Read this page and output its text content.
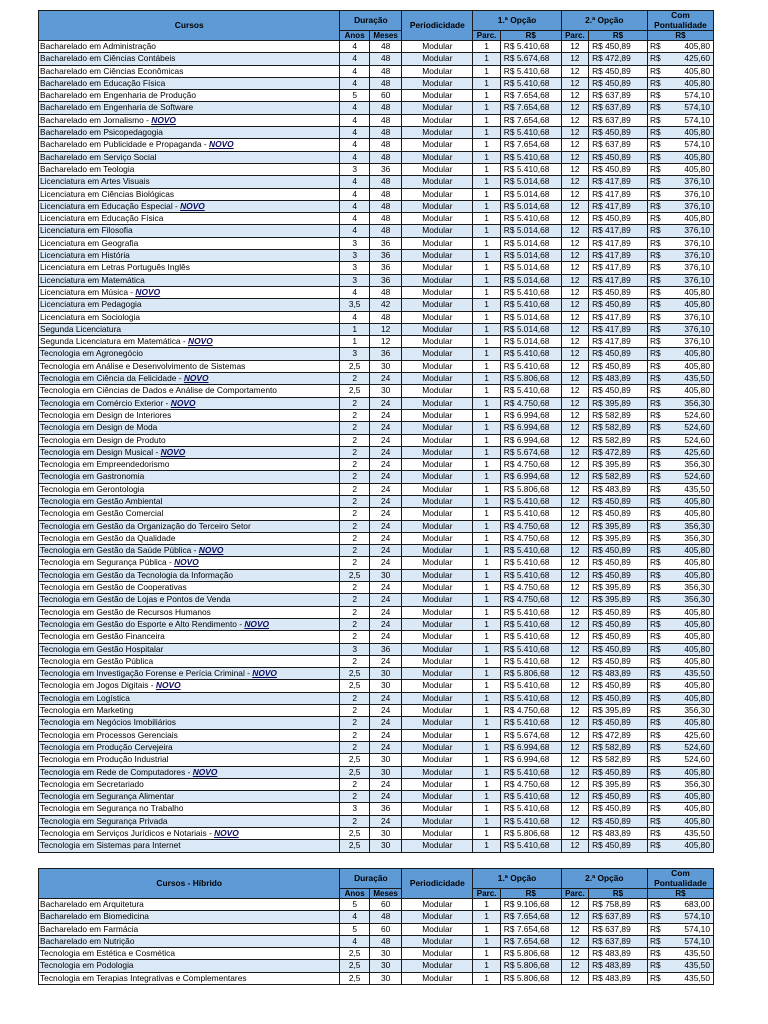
Cursos	Duração		Periodicidade	1.ª Opção		2.ª Opção		Com Pontualidade
	Anos	Meses		Parc.	R$	Parc.	R$	R$
Bacharelado em Administração	4	48	Modular	1	R$ 5.410,68	12	R$ 450,89	R$ 405,80

Bacharelado em Ciências Contábeis	4	48	Modular	1	R$ 5.674,68	12	R$ 472,89	R$ 425,60

Bacharelado em Ciências Econômicas	4	48	Modular	1	R$ 5.410,68	12	R$ 450,89	R$ 405,80

Bacharelado em Educação Física	4	48	Modular	1	R$ 5.410,68	12	R$ 450,89	R$ 405,80

Bacharelado em Engenharia de Produção	5	60	Modular	1	R$ 7.654,68	12	R$ 637,89	R$ 574,10

Bacharelado em Engenharia de Software	4	48	Modular	1	R$ 7.654,68	12	R$ 637,89	R$ 574,10

Bacharelado em Jornalismo - NOVO	4	48	Modular	1	R$ 7.654,68	12	R$ 637,89	R$ 574,10

Bacharelado em Psicopedagogia	4	48	Modular	1	R$ 5.410,68	12	R$ 450,89	R$ 405,80

Bacharelado em Publicidade e Propaganda - NOVO	4	48	Modular	1	R$ 7.654,68	12	R$ 637,89	R$ 574,10

Bacharelado em Serviço Social	4	48	Modular	1	R$ 5.410,68	12	R$ 450,89	R$ 405,80

Bacharelado em Teologia	3	36	Modular	1	R$ 5.410,68	12	R$ 450,89	R$ 405,80

Licenciatura em Artes Visuais	4	48	Modular	1	R$ 5.014,68	12	R$ 417,89	R$ 376,10

Licenciatura em Ciências Biológicas	4	48	Modular	1	R$ 5.014,68	12	R$ 417,89	R$ 376,10

Licenciatura em Educação Especial - NOVO	4	48	Modular	1	R$ 5.014,68	12	R$ 417,89	R$ 376,10

Licenciatura em Educação Física	4	48	Modular	1	R$ 5.410,68	12	R$ 450,89	R$ 405,80

Licenciatura em Filosofia	4	48	Modular	1	R$ 5.014,68	12	R$ 417,89	R$ 376,10

Licenciatura em Geografia	3	36	Modular	1	R$ 5.014,68	12	R$ 417,89	R$ 376,10

Licenciatura em História	3	36	Modular	1	R$ 5.014,68	12	R$ 417,89	R$ 376,10

Licenciatura em Letras Português Inglês	3	36	Modular	1	R$ 5.014,68	12	R$ 417,89	R$ 376,10

Licenciatura em Matemática	3	36	Modular	1	R$ 5.014,68	12	R$ 417,89	R$ 376,10

Licenciatura em Música - NOVO	4	48	Modular	1	R$ 5.410,68	12	R$ 450,89	R$ 405,80

Licenciatura em Pedagogia	3,5	42	Modular	1	R$ 5.410,68	12	R$ 450,89	R$ 405,80

Licenciatura em Sociologia	4	48	Modular	1	R$ 5.014,68	12	R$ 417,89	R$ 376,10

Segunda Licenciatura	1	12	Modular	1	R$ 5.014,68	12	R$ 417,89	R$ 376,10

Segunda Licenciatura em Matemática - NOVO	1	12	Modular	1	R$ 5.014,68	12	R$ 417,89	R$ 376,10

Tecnologia em Agronegócio	3	36	Modular	1	R$ 5.410,68	12	R$ 450,89	R$ 405,80

Tecnologia em Análise e Desenvolvimento de Sistemas	2,5	30	Modular	1	R$ 5.410,68	12	R$ 450,89	R$ 405,80

Tecnologia em Ciência da Felicidade - NOVO	2	24	Modular	1	R$ 5.806,68	12	R$ 483,89	R$ 435,50

Tecnologia em Ciências de Dados e Análise de Comportamento	2,5	30	Modular	1	R$ 5.410,68	12	R$ 450,89	R$ 405,80

Tecnologia em Comércio Exterior - NOVO	2	24	Modular	1	R$ 4.750,68	12	R$ 395,89	R$ 356,30

Tecnologia em Design de Interiores	2	24	Modular	1	R$ 6.994,68	12	R$ 582,89	R$ 524,60

Tecnologia em Design de Moda	2	24	Modular	1	R$ 6.994,68	12	R$ 582,89	R$ 524,60

Tecnologia em Design de Produto	2	24	Modular	1	R$ 6.994,68	12	R$ 582,89	R$ 524,60

Tecnologia em Design Musical - NOVO	2	24	Modular	1	R$ 5.674,68	12	R$ 472,89	R$ 425,60

Tecnologia em Empreendedorismo	2	24	Modular	1	R$ 4.750,68	12	R$ 395,89	R$ 356,30

Tecnologia em Gastronomia	2	24	Modular	1	R$ 6.994,68	12	R$ 582,89	R$ 524,60

Tecnologia em Gerontologia	2	24	Modular	1	R$ 5.806,68	12	R$ 483,89	R$ 435,50

Tecnologia em Gestão Ambiental	2	24	Modular	1	R$ 5.410,68	12	R$ 450,89	R$ 405,80

Tecnologia em Gestão Comercial	2	24	Modular	1	R$ 5.410,68	12	R$ 450,89	R$ 405,80

Tecnologia em Gestão da Organização do Terceiro Setor	2	24	Modular	1	R$ 4.750,68	12	R$ 395,89	R$ 356,30

Tecnologia em Gestão da Qualidade	2	24	Modular	1	R$ 4.750,68	12	R$ 395,89	R$ 356,30

Tecnologia em Gestão da Saúde Pública - NOVO	2	24	Modular	1	R$ 5.410,68	12	R$ 450,89	R$ 405,80

Tecnologia em Segurança Pública - NOVO	2	24	Modular	1	R$ 5.410,68	12	R$ 450,89	R$ 405,80

Tecnologia em Gestão da Tecnologia da Informação	2,5	30	Modular	1	R$ 5.410,68	12	R$ 450,89	R$ 405,80

Tecnologia em Gestão de Cooperativas	2	24	Modular	1	R$ 4.750,68	12	R$ 395,89	R$ 356,30

Tecnologia em Gestão de Lojas e Pontos de Venda	2	24	Modular	1	R$ 4.750,68	12	R$ 395,89	R$ 356,30

Tecnologia em Gestão de Recursos Humanos	2	24	Modular	1	R$ 5.410,68	12	R$ 450,89	R$ 405,80

Tecnologia em Gestão do Esporte e Alto Rendimento - NOVO	2	24	Modular	1	R$ 5.410,68	12	R$ 450,89	R$ 405,80

Tecnologia em Gestão Financeira	2	24	Modular	1	R$ 5.410,68	12	R$ 450,89	R$ 405,80

Tecnologia em Gestão Hospitalar	3	36	Modular	1	R$ 5.410,68	12	R$ 450,89	R$ 405,80

Tecnologia em Gestão Pública	2	24	Modular	1	R$ 5.410,68	12	R$ 450,89	R$ 405,80

Tecnologia em Investigação Forense e Perícia Criminal - NOVO	2,5	30	Modular	1	R$ 5.806,68	12	R$ 483,89	R$ 435,50

Tecnologia em Jogos Digitais - NOVO	2,5	30	Modular	1	R$ 5.410,68	12	R$ 450,89	R$ 405,80

Tecnologia em Logística	2	24	Modular	1	R$ 5.410,68	12	R$ 450,89	R$ 405,80

Tecnologia em Marketing	2	24	Modular	1	R$ 4.750,68	12	R$ 395,89	R$ 356,30

Tecnologia em Negócios Imobiliários	2	24	Modular	1	R$ 5.410,68	12	R$ 450,89	R$ 405,80

Tecnologia em Processos Gerenciais	2	24	Modular	1	R$ 5.674,68	12	R$ 472,89	R$ 425,60

Tecnologia em Produção Cervejeira	2	24	Modular	1	R$ 6.994,68	12	R$ 582,89	R$ 524,60

Tecnologia em Produção Industrial	2,5	30	Modular	1	R$ 6.994,68	12	R$ 582,89	R$ 524,60

Tecnologia em Rede de Computadores - NOVO	2,5	30	Modular	1	R$ 5.410,68	12	R$ 450,89	R$ 405,80

Tecnologia em Secretariado	2	24	Modular	1	R$ 4.750,68	12	R$ 395,89	R$ 356,30

Tecnologia em Segurança Alimentar	2	24	Modular	1	R$ 5.410,68	12	R$ 450,89	R$ 405,80

Tecnologia em Segurança no Trabalho	3	36	Modular	1	R$ 5.410,68	12	R$ 450,89	R$ 405,80

Tecnologia em Segurança Privada	2	24	Modular	1	R$ 5.410,68	12	R$ 450,89	R$ 405,80

Tecnologia em Serviços Jurídicos e Notariais - NOVO	2,5	30	Modular	1	R$ 5.806,68	12	R$ 483,89	R$ 435,50

Tecnologia em Sistemas para Internet	2,5	30	Modular	1	R$ 5.410,68	12	R$ 450,89	R$ 405,80
Cursos - Híbrido	Duração		Periodicidade	1.ª Opção		2.ª Opção		Com Pontualidade
	Anos	Meses		Parc.	R$	Parc.	R$	R$
Bacharelado em Arquitetura	5	60	Modular	1	R$ 9.106,68	12	R$ 758,89	R$ 683,00

Bacharelado em Biomedicina	4	48	Modular	1	R$ 7.654,68	12	R$ 637,89	R$ 574,10

Bacharelado em Farmácia	5	60	Modular	1	R$ 7.654,68	12	R$ 637,89	R$ 574,10

Bacharelado em Nutrição	4	48	Modular	1	R$ 7.654,68	12	R$ 637,89	R$ 574,10

Tecnologia em Estética e Cosmética	2,5	30	Modular	1	R$ 5.806,68	12	R$ 483,89	R$ 435,50

Tecnologia em Podologia	2,5	30	Modular	1	R$ 5.806,68	12	R$ 483,89	R$ 435,50

Tecnologia em Terapias Integrativas e Complementares	2,5	30	Modular	1	R$ 5.806,68	12	R$ 483,89	R$ 435,50
